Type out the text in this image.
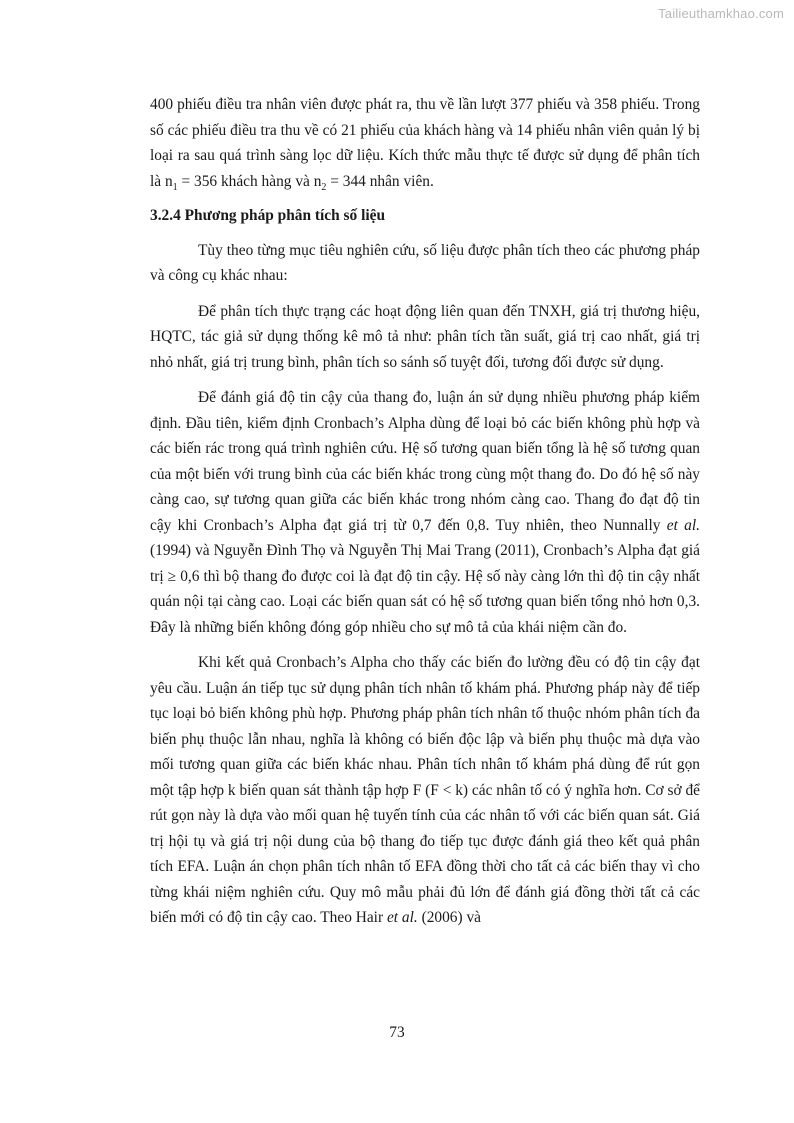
Tailieuthamkhao.com

400 phiếu điều tra nhân viên được phát ra, thu về lần lượt 377 phiếu và 358 phiếu. Trong số các phiếu điều tra thu về có 21 phiếu của khách hàng và 14 phiếu nhân viên quản lý bị loại ra sau quá trình sàng lọc dữ liệu. Kích thức mẫu thực tế được sử dụng để phân tích là $n_1 = 356$ khách hàng và $n_2 = 344$ nhân viên.

3.2.4 Phương pháp phân tích số liệu

Tùy theo từng mục tiêu nghiên cứu, số liệu được phân tích theo các phương pháp và công cụ khác nhau:

Để phân tích thực trạng các hoạt động liên quan đến TNXH, giá trị thương hiệu, HQTC, tác giả sử dụng thống kê mô tả như: phân tích tần suất, giá trị cao nhất, giá trị nhỏ nhất, giá trị trung bình, phân tích so sánh số tuyệt đối, tương đối được sử dụng.

Để đánh giá độ tin cậy của thang đo, luận án sử dụng nhiều phương pháp kiểm định. Đầu tiên, kiểm định Cronbach’s Alpha dùng để loại bỏ các biến không phù hợp và các biến rác trong quá trình nghiên cứu. Hệ số tương quan biến tổng là hệ số tương quan của một biến với trung bình của các biến khác trong cùng một thang đo. Do đó hệ số này càng cao, sự tương quan giữa các biến khác trong nhóm càng cao. Thang đo đạt độ tin cậy khi Cronbach’s Alpha đạt giá trị từ 0,7 đến 0,8. Tuy nhiên, theo Nunnally et al. (1994) và Nguyễn Đình Thọ và Nguyễn Thị Mai Trang (2011), Cronbach’s Alpha đạt giá trị ≥ 0,6 thì bộ thang đo được coi là đạt độ tin cậy. Hệ số này càng lớn thì độ tin cậy nhất quán nội tại càng cao. Loại các biến quan sát có hệ số tương quan biến tổng nhỏ hơn 0,3. Đây là những biến không đóng góp nhiều cho sự mô tả của khái niệm cần đo.

Khi kết quả Cronbach’s Alpha cho thấy các biến đo lường đều có độ tin cậy đạt yêu cầu. Luận án tiếp tục sử dụng phân tích nhân tố khám phá. Phương pháp này để tiếp tục loại bỏ biến không phù hợp. Phương pháp phân tích nhân tố thuộc nhóm phân tích đa biến phụ thuộc lẫn nhau, nghĩa là không có biến độc lập và biến phụ thuộc mà dựa vào mối tương quan giữa các biến khác nhau. Phân tích nhân tố khám phá dùng để rút gọn một tập hợp k biến quan sát thành tập hợp F (F < k) các nhân tố có ý nghĩa hơn. Cơ sở để rút gọn này là dựa vào mối quan hệ tuyến tính của các nhân tố với các biến quan sát. Giá trị hội tụ và giá trị nội dung của bộ thang đo tiếp tục được đánh giá theo kết quả phân tích EFA. Luận án chọn phân tích nhân tố EFA đồng thời cho tất cả các biến thay vì cho từng khái niệm nghiên cứu. Quy mô mẫu phải đủ lớn để đánh giá đồng thời tất cả các biến mới có độ tin cậy cao. Theo Hair et al. (2006) và

73
